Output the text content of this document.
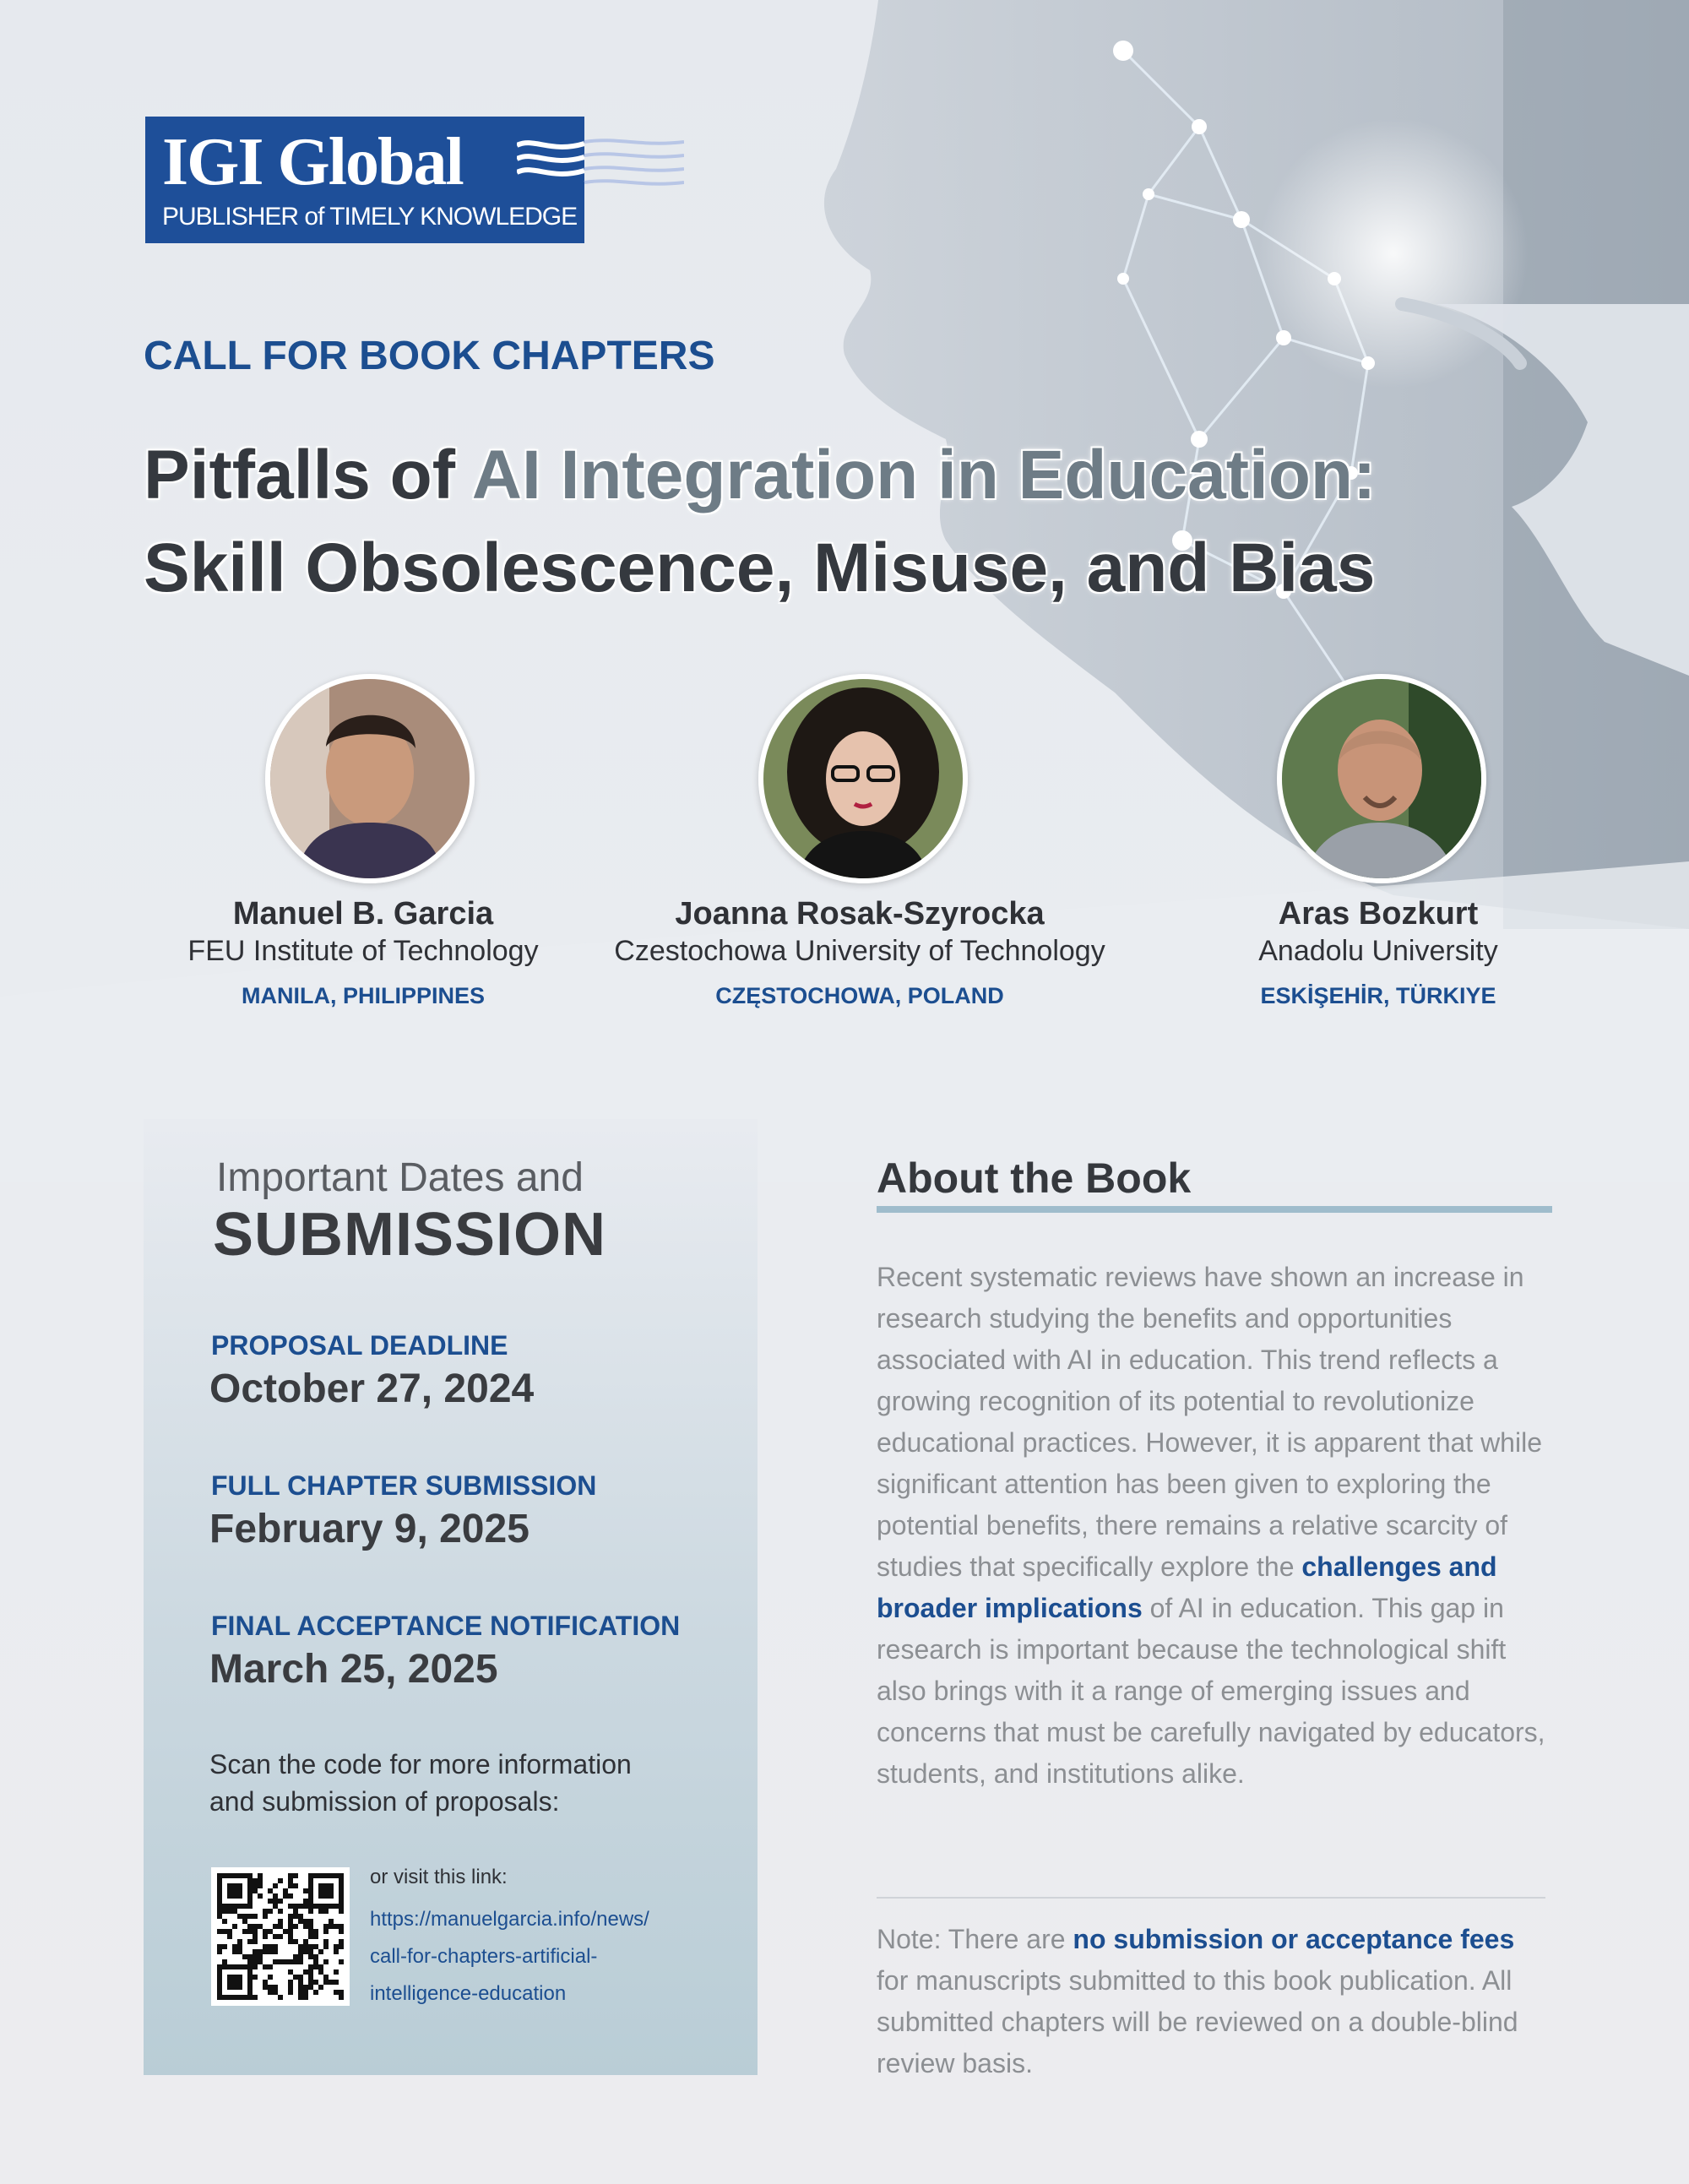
IGI Global
PUBLISHER of TIMELY KNOWLEDGE
CALL FOR BOOK CHAPTERS
Pitfalls of AI Integration in Education:
Skill Obsolescence, Misuse, and Bias
Manuel B. Garcia
FEU Institute of Technology
MANILA, PHILIPPINES
Joanna Rosak-Szyrocka
Czestochowa University of Technology
CZĘSTOCHOWA, POLAND
Aras Bozkurt
Anadolu University
ESKİŞEHİR, TÜRKIYE
Important Dates and
SUBMISSION
PROPOSAL DEADLINE
October 27, 2024
FULL CHAPTER SUBMISSION
February 9, 2025
FINAL ACCEPTANCE NOTIFICATION
March 25, 2025
Scan the code for more information
and submission of proposals:
or visit this link:
https://manuelgarcia.info/news/
call-for-chapters-artificial-
intelligence-education
About the Book
Recent systematic reviews have shown an increase in research studying the benefits and opportunities associated with AI in education. This trend reflects a growing recognition of its potential to revolutionize educational practices. However, it is apparent that while significant attention has been given to exploring the potential benefits, there remains a relative scarcity of studies that specifically explore the challenges and broader implications of AI in education. This gap in research is important because the technological shift also brings with it a range of emerging issues and concerns that must be carefully navigated by educators, students, and institutions alike.
Note: There are no submission or acceptance fees for manuscripts submitted to this book publication. All submitted chapters will be reviewed on a double-blind review basis.
